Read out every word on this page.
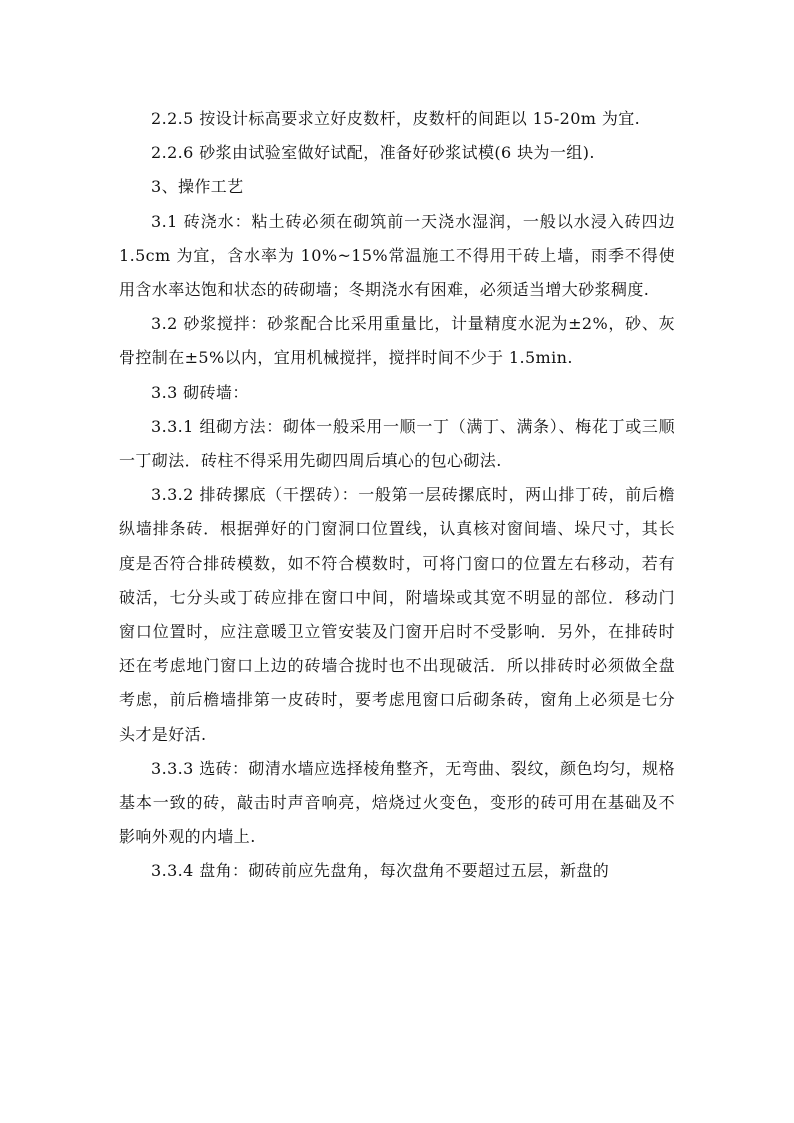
2.2.5 按设计标高要求立好皮数杆，皮数杆的间距以 15-20m 为宜.

2.2.6 砂浆由试验室做好试配，准备好砂浆试模(6 块为一组).

3、操作工艺

3.1 砖浇水：粘土砖必须在砌筑前一天浇水湿润，一般以水浸入砖四边 1.5cm 为宜，含水率为 10%~15%常温施工不得用干砖上墙，雨季不得使用含水率达饱和状态的砖砌墙；冬期浇水有困难，必须适当增大砂浆稠度.

3.2 砂浆搅拌：砂浆配合比采用重量比，计量精度水泥为±2%，砂、灰骨控制在±5%以内，宜用机械搅拌，搅拌时间不少于 1.5min.

3.3 砌砖墙：

3.3.1 组砌方法：砌体一般采用一顺一丁（满丁、满条）、梅花丁或三顺一丁砌法．砖柱不得采用先砌四周后填心的包心砌法.

3.3.2 排砖摞底（干摆砖）：一般第一层砖摞底时，两山排丁砖，前后檐纵墙排条砖．根据弹好的门窗洞口位置线，认真核对窗间墙、垛尺寸，其长度是否符合排砖模数，如不符合模数时，可将门窗口的位置左右移动，若有破活，七分头或丁砖应排在窗口中间，附墙垛或其宽不明显的部位．移动门窗口位置时，应注意暖卫立管安装及门窗开启时不受影响．另外，在排砖时还在考虑地门窗口上边的砖墙合拢时也不出现破活．所以排砖时必须做全盘考虑，前后檐墙排第一皮砖时，要考虑甩窗口后砌条砖，窗角上必须是七分头才是好活.

3.3.3 选砖：砌清水墙应选择棱角整齐，无弯曲、裂纹，颜色均匀，规格基本一致的砖，敲击时声音响亮，焙烧过火变色，变形的砖可用在基础及不影响外观的内墙上.

3.3.4 盘角：砌砖前应先盘角，每次盘角不要超过五层，新盘的
